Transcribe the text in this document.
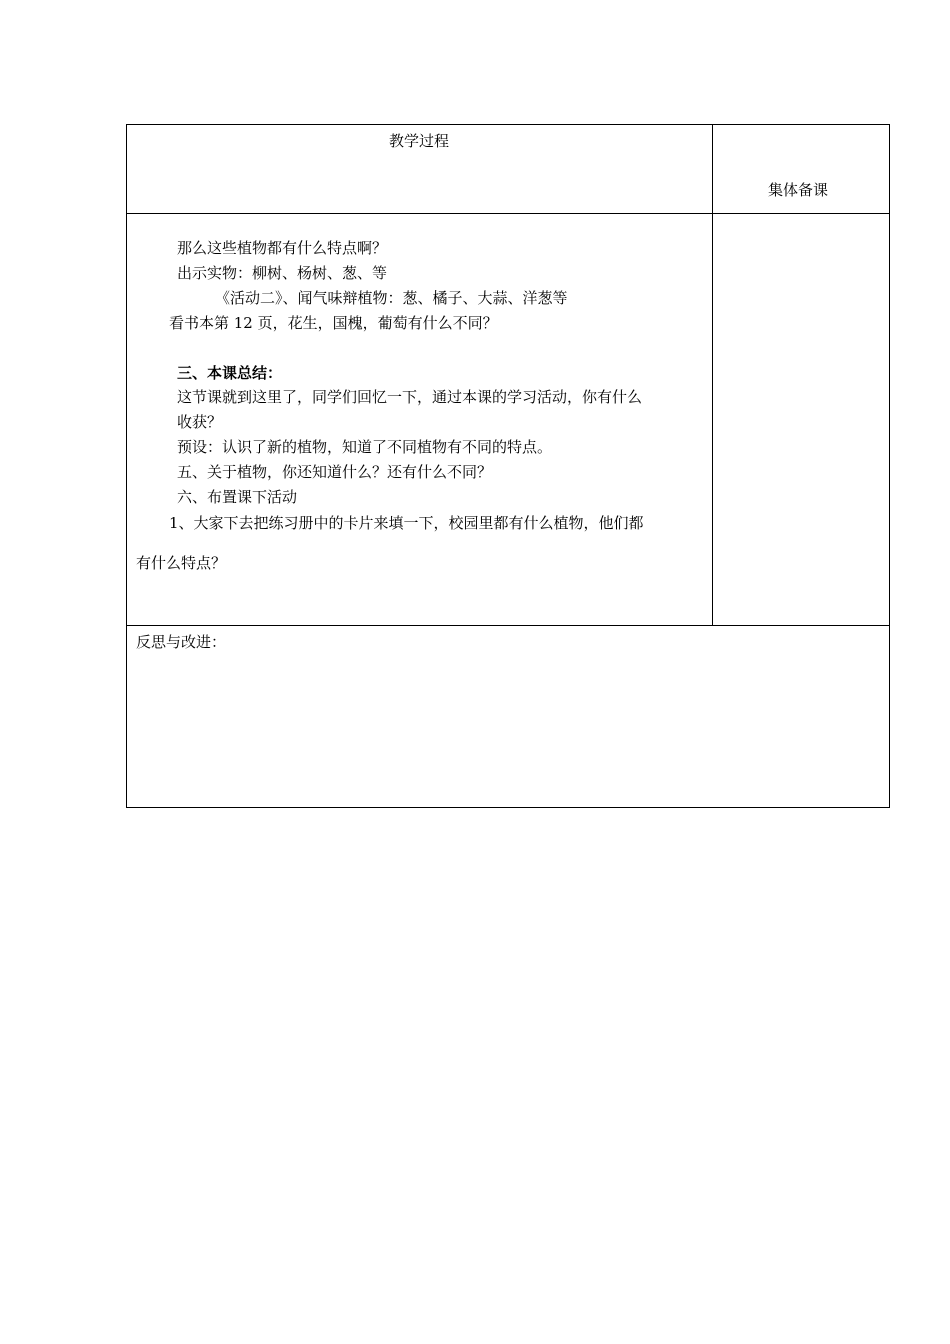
教学过程
集体备课
那么这些植物都有什么特点啊？
出示实物：柳树、杨树、葱、等
《活动二》、闻气味辩植物：葱、橘子、大蒜、洋葱等
看书本第 12 页，花生，国槐，葡萄有什么不同？
三、本课总结：
这节课就到这里了，同学们回忆一下，通过本课的学习活动，你有什么
收获？
预设：认识了新的植物，知道了不同植物有不同的特点。
五、关于植物，你还知道什么？还有什么不同？
六、布置课下活动
1、大家下去把练习册中的卡片来填一下，校园里都有什么植物，他们都
有什么特点？
反思与改进：
